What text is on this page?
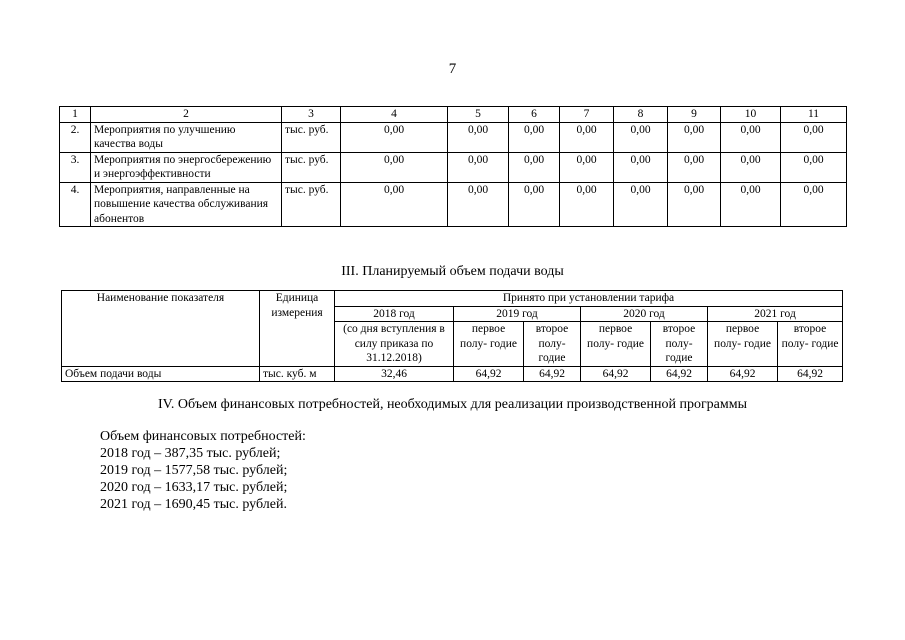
7
1	2	3	4	5	6	7	8	9	10	11
2.	Мероприятия по улучшению качества воды	тыс. руб.	0,00	0,00	0,00	0,00	0,00	0,00	0,00	0,00
3.	Мероприятия по энергосбережению и энергоэффективности	тыс. руб.	0,00	0,00	0,00	0,00	0,00	0,00	0,00	0,00
4.	Мероприятия, направленные на повышение качества обслуживания абонентов	тыс. руб.	0,00	0,00	0,00	0,00	0,00	0,00	0,00	0,00
III. Планируемый объем подачи воды
Наименование показателя	Единица измерения	Принято при установлении тарифа						
		2018 год	2019 год		2020 год		2021 год	
		(со дня вступления в силу приказа по 31.12.2018)	первое полу- годие	второе полу- годие	первое полу- годие	второе полу- годие	первое полу- годие	второе полу- годие
Объем подачи воды	тыс. куб. м	32,46	64,92	64,92	64,92	64,92	64,92	64,92
IV. Объем финансовых потребностей, необходимых для реализации производственной программы
Объем финансовых потребностей:
2018 год – 387,35 тыс. рублей;
2019 год – 1577,58 тыс. рублей;
2020 год – 1633,17 тыс. рублей;
2021 год – 1690,45 тыс. рублей.
